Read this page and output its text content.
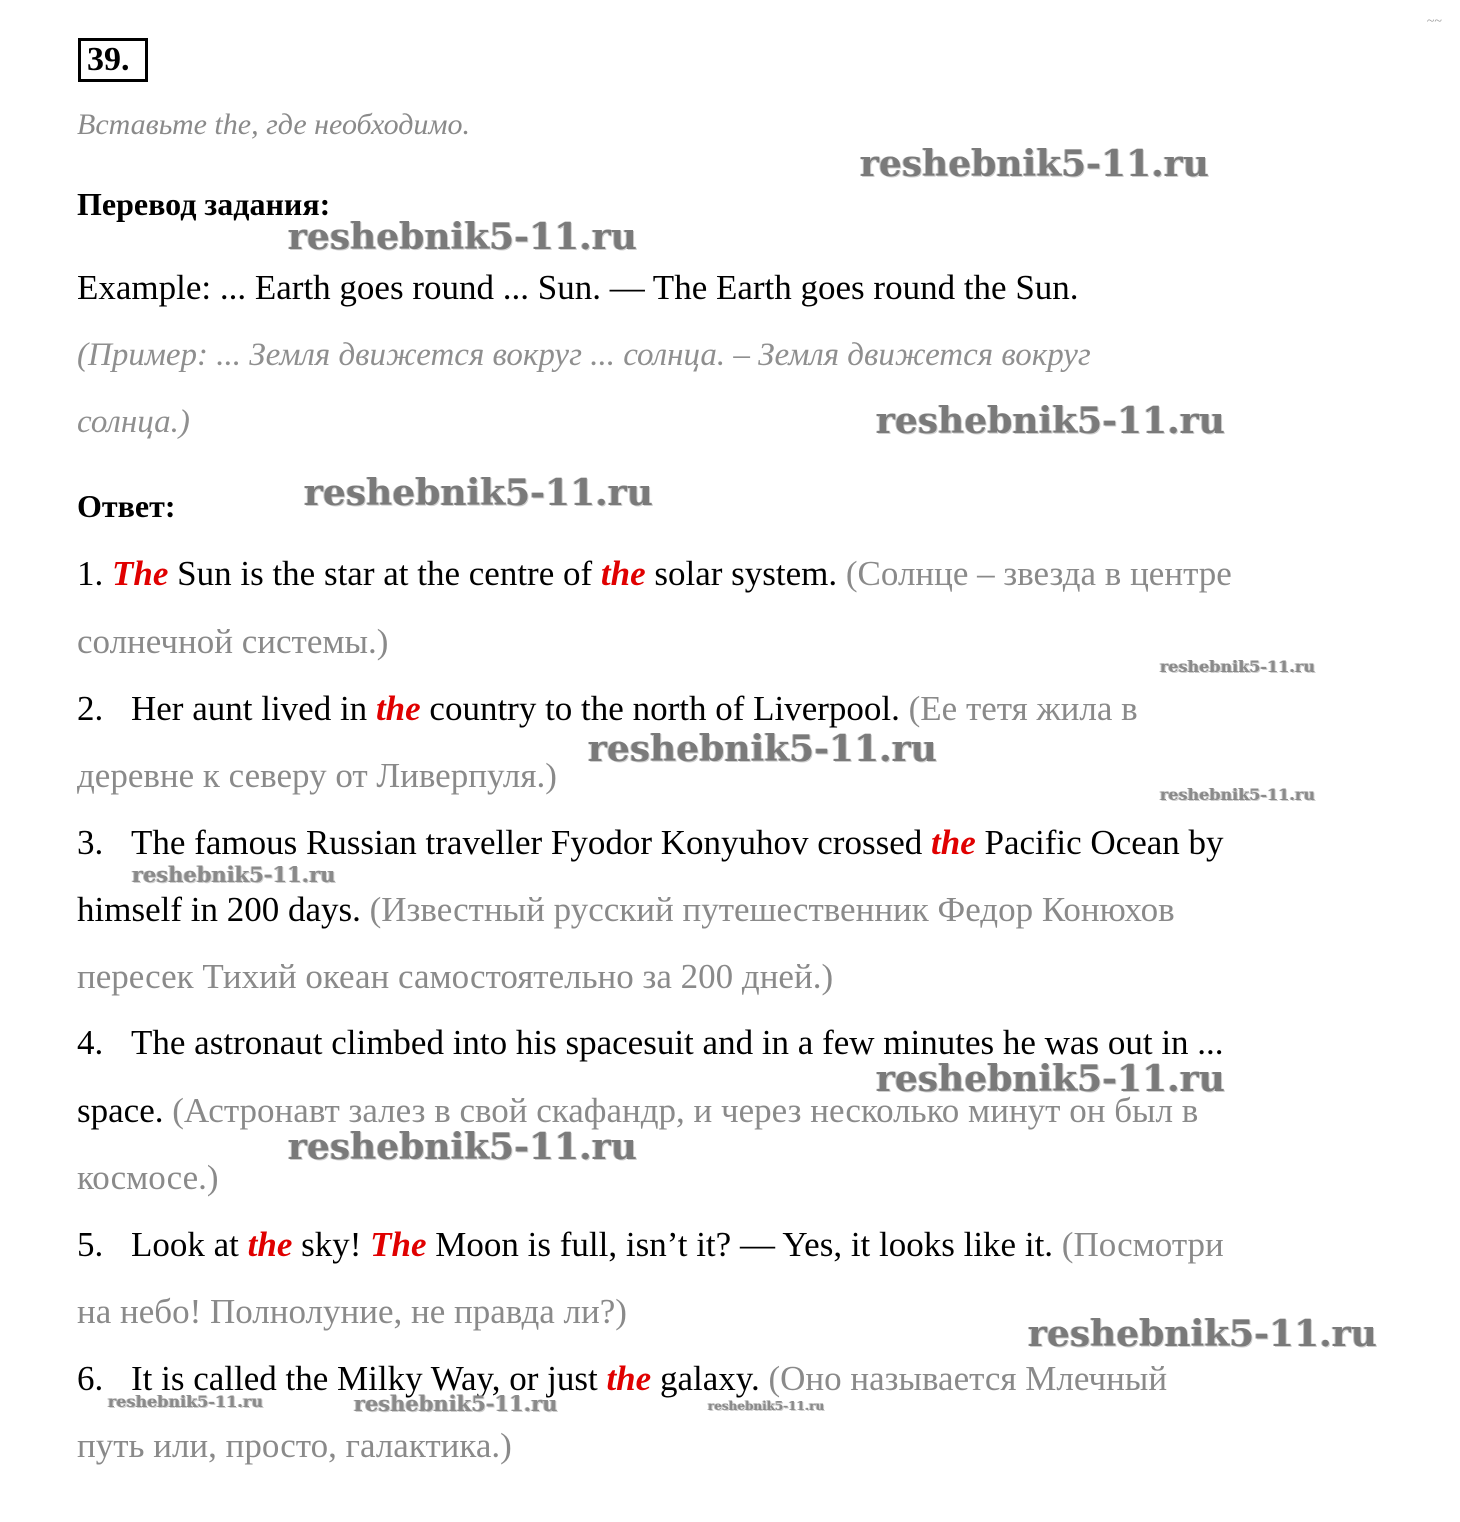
~~
39.
Вставьте the, где необходимо.
Перевод задания:
Example: ... Earth goes round ... Sun. — The Earth goes round the Sun.
(Пример: ... Земля движется вокруг ... солнца. – Земля движется вокруг
солнца.)
Ответ:
1. The Sun is the star at the centre of the solar system. (Солнце – звезда в центре
солнечной системы.)
2. Her aunt lived in the country to the north of Liverpool. (Ее тетя жила в
деревне к северу от Ливерпуля.)
3. The famous Russian traveller Fyodor Konyuhov crossed the Pacific Ocean by
himself in 200 days. (Известный русский путешественник Федор Конюхов
пересек Тихий океан самостоятельно за 200 дней.)
4. The astronaut climbed into his spacesuit and in a few minutes he was out in ...
space. (Астронавт залез в свой скафандр, и через несколько минут он был в
космосе.)
5. Look at the sky! The Moon is full, isn’t it? — Yes, it looks like it. (Посмотри
на небо! Полнолуние, не правда ли?)
6. It is called the Milky Way, or just the galaxy. (Оно называется Млечный
путь или, просто, галактика.)
reshebnik5-11.ru
reshebnik5-11.ru
reshebnik5-11.ru
reshebnik5-11.ru
reshebnik5-11.ru
reshebnik5-11.ru
reshebnik5-11.ru
reshebnik5-11.ru
reshebnik5-11.ru
reshebnik5-11.ru
reshebnik5-11.ru
reshebnik5-11.ru	reshebnik5-11.ru	reshebnik5-11.ru
